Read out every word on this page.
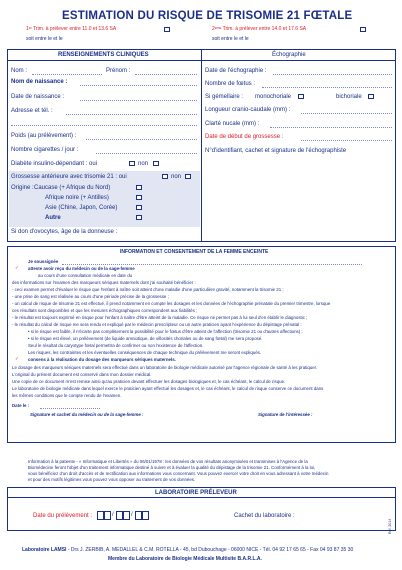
ESTIMATION DU RISQUE DE TRISOMIE 21 FŒTALE
1ᵉʳ Trim. à prélever entre 11.0 et 13.6 SA
soit entre le et le
2ᵉᵐᵉ Trim. à prélever entre 14.0 et 17.6 SA
soit entre le et le
RENSEIGNEMENTS CLINIQUES	Échographie
Nom :	Prénom :
Nom de naissance :
Date de naissance :
Adresse et tél. :
Poids (au prélèvement) :
Nombre cigarettes / jour :
Diabète insulino-dépendant : oui	non
Grossesse antérieure avec trisomie 21 : oui	non
Origine : Caucase (+ Afrique du Nord)
Afrique noire (+ Antilles)
Asie (Chine, Japon, Corée)
Autre
Si don d'ovocytes, âge de la donneuse :
Date de l'échographie :
Nombre de fœtus :
Si gémellaire : monochoriale	bichoriale
Longueur cranio-caudale (mm) :
Clarté nucale (mm) :
Date de début de grossesse :
N°d'identifiant, cachet et signature de l'échographiste
INFORMATION ET CONSENTEMENT DE LA FEMME ENCEINTE
Je soussignée
✓ atteste avoir reçu du médecin ou de la sage-femme
au cours d'une consultation médicale en date du
des informations sur l'examen des marqueurs sériques maternels dont j'ai souhaité bénéficier :
- ceci examen permet d'évaluer le risque que l'enfant à naître soit atteint d'une maladie d'une particulière gravité, notamment la trisomie 21 ;
- une prise de sang est réalisée au cours d'une période précise de la grossesse ;
- un calcul de risque de trisomie 21 est effectué, il prend notamment en compte les dosages et les données de l'échographie prénatale du premier trimestre, lorsque
ces résultats sont disponibles et que les mesures échographiques correspondent aux fiabilités ;
- le résultat est toujours exprimé en risque pour l'enfant à naître d'être atteint de la maladie. Ce risque ne permet pas à lui seul d'en établir le diagnostic ;
- le résultat du calcul de risque me sera rendu et expliqué par le médecin prescripteur ou un autre praticien ayant l'expérience du dépistage prénatal :
• si le risque est faible, il n'écarte pas complètement la possibilité pour le fœtus d'être atteint de l'affection (trisomie 21 ou d'autres affections) ;
• si le risque est élevé, un prélèvement (de liquide amniotique, de villosités choriales ou de sang fœtal) me sera proposé.
Seul le résultat du caryotype fœtal permettra de confirmer ou non l'existence de l'affection.
Les risques, les contraintes et les éventuelles conséquences de chaque technique du prélèvement me seront expliqués.
✓ consens à la réalisation du dosage des marqueurs sériques maternels.
Le dosage des marqueurs sériques maternels sera effectué dans un laboratoire de biologie médicale autorisé par l'agence régionale de santé à les pratiquer.
L'original du présent document est conservé dans mon dossier médical.
Une copie de ce document m'est remise ainsi qu'au praticien devant effectuer les dosages biologiques et, le cas échéant, le calcul de risque.
Le laboratoire de biologie médicale dans lequel exerce le praticien ayant effectué les dosages et, le cas échéant, le calcul de risque conserve ce document dans
les mêmes conditions que le compte rendu de l'examen.
Date le :
Signature et cachet du médecin ou de la sage-femme :	Signature de l'intéressée :
Information à la patiente - « Informatique et Libertés » du 06/01/1978 : les données de vos résultats anonymisées et transmises à l'Agence de la
Biomédecine feront l'objet d'un traitement informatique destiné à suivre et à évaluer la qualité du dépistage de la trisomie 21. Conformément à la loi,
vous bénéficiez d'un droit d'accès et de rectification aux informations vous concernant. Vous pouvez exercer votre droit en vous adressant à votre médecin
et pour des motifs légitimes vous pouvez vous opposer au traitement de vos données.
LABORATOIRE PRÉLEVEUR
Date du prélèvement :	/	/	Cachet du laboratoire :
Laboratoire LAMSI - Drs J. ZERBIB, A. MEDALLEL & C.M. ROTELLA - 45, bd Dubouchage - 06000 NICE - Tél. 04 92 17 65 65 - Fax 04 93 87 35 30
Membre du Laboratoire de Biologie Médicale Multisite B.A.R.L.A.
Réf. 2014
